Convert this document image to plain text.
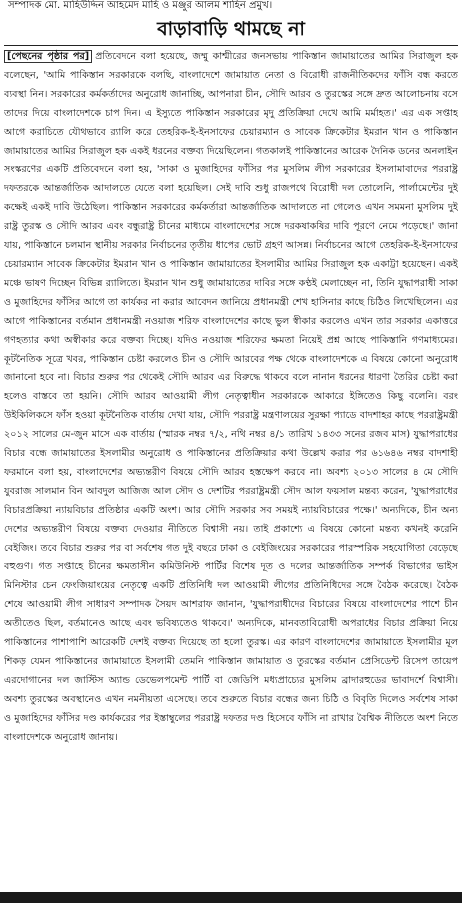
সম্পাদক মো. মাহিউদ্দিন আহমেদ মাহি ও মঞ্জুর আলম শাহিন প্রমুখ।
বাড়াবাড়ি থামছে না

[পেছনের পৃষ্ঠার পর] প্রতিবেদনে বলা হয়েছে, জম্মু কাশ্মীরের জনসভায় পাকিস্তান জামায়াতের আমির সিরাজুল হক বলেছেন, 'আমি পাকিস্তান সরকারকে বলছি, বাংলাদেশে জামায়াত নেতা ও বিরোধী রাজনীতিকদের ফাঁসি বন্ধ করতে ব্যবস্থা নিন। সরকারের কর্মকর্তাদের অনুরোধ জানাচ্ছি, আপনারা চীন, সৌদি আরব ও তুরস্কের সঙ্গে দ্রুত আলোচনায় বসে তাদের দিয়ে বাংলাদেশকে চাপ দিন। এ ইস্যুতে পাকিস্তান সরকারের মৃদু প্রতিক্রিয়া দেখে আমি মর্মাহত।' এর এক সপ্তাহ আগে করাচিতে যৌথভাবে র‌্যালি করে তেহরিক-ই-ইনসাফের চেয়ারম্যান ও সাবেক ক্রিকেটার ইমরান খান ও পাকিস্তান জামায়াতের আমির সিরাজুল হক একই ধরনের বক্তব্য দিয়েছিলেন। গতকালই পাকিস্তানের আরেক দৈনিক ডনের অনলাইন সংস্করণের একটি প্রতিবেদনে বলা হয়, 'সাকা ও মুজাহিদের ফাঁসির পর মুসলিম লীগ সরকারের ইসলামাবাদের পররাষ্ট্র দফতরকে আন্তর্জাতিক আদালতে যেতে বলা হয়েছিল। সেই দাবি শুধু রাজপথে বিরোধী দল তোলেনি, পার্লামেন্টের দুই কক্ষেই একই দাবি উঠেছিল। পাকিস্তান সরকারের কর্মকর্তারা আন্তর্জাতিক আদালতে না গেলেও এখন সমমনা মুসলিম দুই রাষ্ট্র তুরস্ক ও সৌদি আরব এবং বন্ধুরাষ্ট্র চীনের মাধ্যমে বাংলাদেশের সঙ্গে দরকষাকষির দাবি পূরণে নেমে পড়েছে।' জানা যায়, পাকিস্তানে চলমান স্থানীয় সরকার নির্বাচনের তৃতীয় ধাপের ভোট গ্রহণ আসন্ন। নির্বাচনের আগে তেহরিক-ই-ইনসাফের চেয়ারম্যান সাবেক ক্রিকেটার ইমরান খান ও পাকিস্তান জামায়াতের ইসলামীর আমির সিরাজুল হক একাট্টা হয়েছেন। একই মঞ্চে ভাষণ দিচ্ছেন বিভিন্ন র‌্যালিতে। ইমরান খান শুধু জামায়াতের দাবির সঙ্গে কণ্ঠই মেলাচ্ছেন না, তিনি যুদ্ধাপরাধী সাকা ও মুজাহিদের ফাঁসির আগে তা কার্যকর না করার আবেদন জানিয়ে প্রধানমন্ত্রী শেখ হাসিনার কাছে চিঠিও লিখেছিলেন। এর আগে পাকিস্তানের বর্তমান প্রধানমন্ত্রী নওয়াজ শরিফ বাংলাদেশের কাছে ভুল স্বীকার করলেও এখন তার সরকার একাত্তরে গণহত্যার কথা অস্বীকার করে বক্তব্য দিচ্ছে। যদিও নওয়াজ শরিফের ক্ষমতা নিয়েই প্রশ্ন আছে পাকিস্তানি গণমাধ্যমের। কূটনৈতিক সূত্রে খবর, পাকিস্তান চেষ্টা করলেও চীন ও সৌদি আরবের পক্ষ থেকে বাংলাদেশকে এ বিষয়ে কোনো অনুরোধ জানানো হবে না। বিচার শুরুর পর থেকেই সৌদি আরব এর বিরুদ্ধে থাকবে বলে নানান ধরনের ধারণা তৈরির চেষ্টা করা হলেও বাস্তবে তা হয়নি। সৌদি আরব আওয়ামী লীগ নেতৃত্বাধীন সরকারকে আকারে ইঙ্গিতেও কিছু বলেনি। বরং উইকিলিকসে ফাঁস হওয়া কূটনৈতিক বার্তায় দেখা যায়, সৌদি পররাষ্ট্র মন্ত্রণালয়ের সুরক্ষা প্যাডে বাদশাহর কাছে পররাষ্ট্রমন্ত্রী ২০১২ সালের মে-জুন মাসে এক বার্তায় (স্মারক নম্বর ৭/২, নথি নম্বর ৪/১ তারিখ ১৪৩৩ সনের রজব মাস) যুদ্ধাপরাধের বিচার বন্ধে জামায়াতের ইসলামীর অনুরোধ ও পাকিস্তানের প্রতিক্রিয়ার কথা উল্লেখ করার পর ৬১৬৪৬ নম্বর বাদশাহী ফরমানে বলা হয়, বাংলাদেশের অভ্যন্তরীণ বিষয়ে সৌদি আরব হস্তক্ষেপ করবে না। অবশ্য ২০১৩ সালের ৪ মে সৌদি যুবরাজ সালমান বিন আবদুল আজিজ আল সৌদ ও দেশটির পররাষ্ট্রমন্ত্রী সৌদ আল ফয়সাল মন্তব্য করেন, 'যুদ্ধাপরাধের বিচারপ্রক্রিয়া ন্যায়বিচার প্রতিষ্ঠার একটি অংশ। আর সৌদি সরকার সব সময়ই ন্যায়বিচারের পক্ষে।' অন্যদিকে, চীন অন্য দেশের অভ্যন্তরীণ বিষয়ে বক্তব্য দেওয়ার নীতিতে বিশ্বাসী নয়। তাই প্রকাশ্যে এ বিষয়ে কোনো মন্তব্য কখনই করেনি বেইজিং। তবে বিচার শুরুর পর বা সর্বশেষ গত দুই বছরে ঢাকা ও বেইজিংয়ের সরকারের পারস্পরিক সহযোগিতা বেড়েছে বহুগুণ। গত সপ্তাহে চীনের ক্ষমতাসীন কমিউনিস্ট পার্টির বিশেষ দূত ও দলের আন্তর্জাতিক সম্পর্ক বিভাগের ভাইস মিনিস্টার চেন ফেংজিয়াংয়ের নেতৃত্বে একটি প্রতিনিধি দল আওয়ামী লীগের প্রতিনিধিদের সঙ্গে বৈঠক করেছে। বৈঠক শেষে আওয়ামী লীগ সাধারণ সম্পাদক সৈয়দ আশরাফ জানান, 'যুদ্ধাপরাধীদের বিচারের বিষয়ে বাংলাদেশের পাশে চীন অতীতেও ছিল, বর্তমানেও আছে এবং ভবিষ্যতেও থাকবে।' অন্যদিকে, মানবতাবিরোধী অপরাধের বিচার প্রক্রিয়া নিয়ে পাকিস্তানের পাশাপাশি আরেকটি দেশই বক্তব্য দিয়েছে তা হলো তুরস্ক। এর কারণ বাংলাদেশের জামায়াতে ইসলামীর মূল শিকড় যেমন পাকিস্তানের জামায়াতে ইসলামী তেমনি পাকিস্তান জামায়াত ও তুরস্কের বর্তমান প্রেসিডেন্ট রিসেপ তায়েপ এরদোগানের দল জাস্টিস অ্যান্ড ডেভেলপমেন্ট পার্টি বা জেডিপি মধ্যপ্রাচ্যের মুসলিম ব্রাদারহুডের ভাবাদর্শে বিশ্বাসী। অবশ্য তুরস্কের অবস্থানেও এখন নমনীয়তা এসেছে। তবে শুরুতে বিচার বন্ধের জন্য চিঠি ও বিবৃতি দিলেও সর্বশেষ সাকা ও মুজাহিদের ফাঁসির দণ্ড কার্যকরের পর ইস্তাম্বুলের পররাষ্ট্র দফতর দণ্ড হিসেবে ফাঁসি না রাখার বৈশ্বিক নীতিতে অংশ নিতে বাংলাদেশকে অনুরোধ জানায়।
